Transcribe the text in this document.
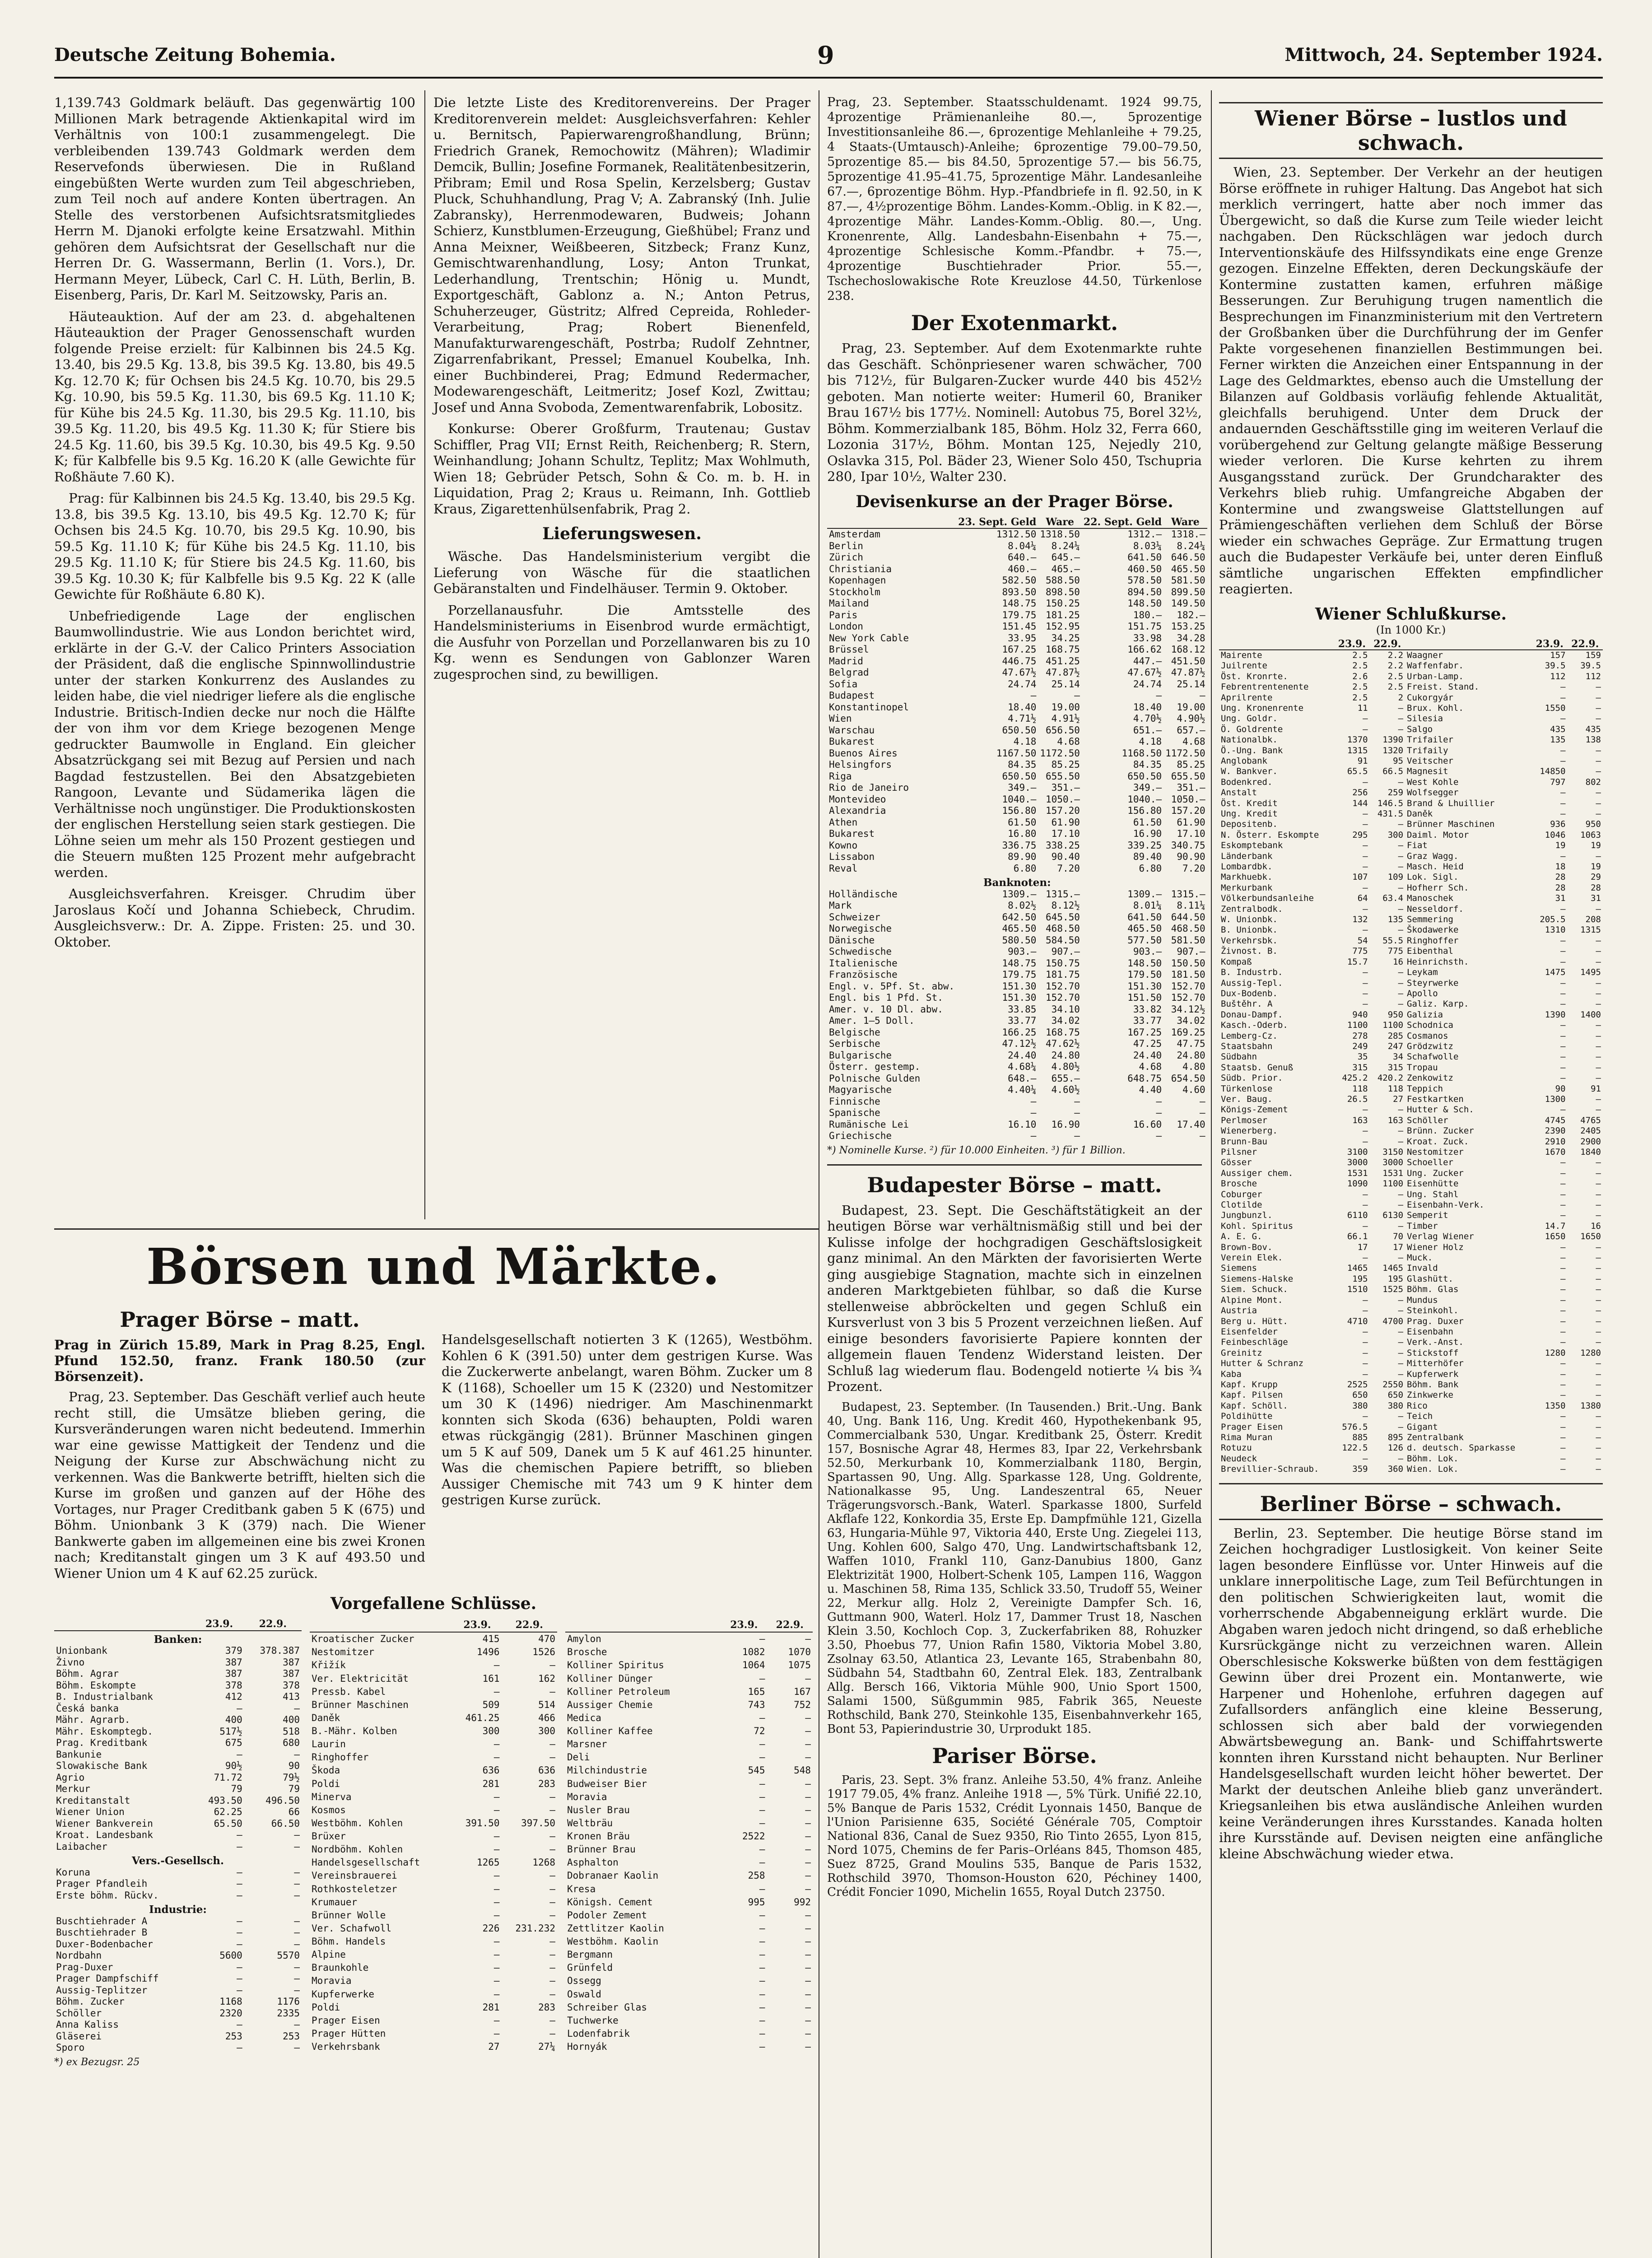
Deutsche Zeitung Bohemia.	9	Mittwoch, 24. September 1924.

1,139.743 Goldmark beläuft. Das gegenwärtig 100 Millionen Mark betragende Aktienkapital wird im Verhältnis von 100:1 zusammengelegt. Die verbleibenden 139.743 Goldmark werden dem Reservefonds überwiesen. Die in Rußland eingebüßten Werte wurden zum Teil abgeschrieben, zum Teil noch auf andere Konten übertragen. An Stelle des verstorbenen Aufsichtsratsmitgliedes Herrn M. Djanoki erfolgte keine Ersatzwahl. Mithin gehören dem Aufsichtsrat der Gesellschaft nur die Herren Dr. G. Wassermann, Berlin (1. Vors.), Dr. Hermann Meyer, Lübeck, Carl C. H. Lüth, Berlin, B. Eisenberg, Paris, Dr. Karl M. Seitzowsky, Paris an.

Häuteauktion. Auf der am 23. d. abgehaltenen Häuteauktion der Prager Genossenschaft wurden folgende Preise erzielt: für Kalbinnen bis 24.5 Kg. 13.40, bis 29.5 Kg. 13.8, bis 39.5 Kg. 13.80, bis 49.5 Kg. 12.70 K; für Ochsen bis 24.5 Kg. 10.70, bis 29.5 Kg. 10.90, bis 59.5 Kg. 11.30, bis 69.5 Kg. 11.10 K; für Kühe bis 24.5 Kg. 11.30, bis 29.5 Kg. 11.10, bis 39.5 Kg. 11.20, bis 49.5 Kg. 11.30 K; für Stiere bis 24.5 Kg. 11.60, bis 39.5 Kg. 10.30, bis 49.5 Kg. 9.50 K; für Kalbfelle bis 9.5 Kg. 16.20 K (alle Gewichte für Roßhäute 7.60 K).

Prag: für Kalbinnen bis 24.5 Kg. 13.40, bis 29.5 Kg. 13.8, bis 39.5 Kg. 13.10, bis 49.5 Kg. 12.70 K; für Ochsen bis 24.5 Kg. 10.70, bis 29.5 Kg. 10.90, bis 59.5 Kg. 11.10 K; für Kühe bis 24.5 Kg. 11.10, bis 29.5 Kg. 11.10 K; für Stiere bis 24.5 Kg. 11.60, bis 39.5 Kg. 10.30 K; für Kalbfelle bis 9.5 Kg. 22 K (alle Gewichte für Roßhäute 6.80 K).

Unbefriedigende Lage der englischen Baumwollindustrie. Wie aus London berichtet wird, erklärte in der G.-V. der Calico Printers Association der Präsident, daß die englische Spinnwollindustrie unter der starken Konkurrenz des Auslandes zu leiden habe, die viel niedriger liefere als die englische Industrie. Britisch-Indien decke nur noch die Hälfte der von ihm vor dem Kriege bezogenen Menge gedruckter Baumwolle in England. Ein gleicher Absatzrückgang sei mit Bezug auf Persien und nach Bagdad festzustellen. Bei den Absatzgebieten Rangoon, Levante und Südamerika lägen die Verhältnisse noch ungünstiger. Die Produktionskosten der englischen Herstellung seien stark gestiegen. Die Löhne seien um mehr als 150 Prozent gestiegen und die Steuern mußten 125 Prozent mehr aufgebracht werden.

Ausgleichsverfahren. Kreisger. Chrudim über Jaroslaus Kočí und Johanna Schiebeck, Chrudim. Ausgleichsverw.: Dr. A. Zippe. Fristen: 25. und 30. Oktober.

Die letzte Liste des Kreditorenvereins. Der Prager Kreditorenverein meldet: Ausgleichsverfahren: Kehler u. Bernitsch, Papierwarengroßhandlung, Brünn; Friedrich Granek, Remochowitz (Mähren); Wladimir Demcik, Bullin; Josefine Formanek, Realitätenbesitzerin, Přibram; Emil und Rosa Spelin, Kerzelsberg; Gustav Pluck, Schuhhandlung, Prag V; A. Zabranský (Inh. Julie Zabransky), Herrenmodewaren, Budweis; Johann Schierz, Kunstblumen-Erzeugung, Gießhübel; Franz und Anna Meixner, Weißbeeren, Sitzbeck; Franz Kunz, Gemischtwarenhandlung, Losy; Anton Trunkat, Lederhandlung, Trentschin; Hönig u. Mundt, Exportgeschäft, Gablonz a. N.; Anton Petrus, Schuherzeuger, Güstritz; Alfred Cepreida, Rohleder-Verarbeitung, Prag; Robert Bienenfeld, Manufakturwarengeschäft, Postrba; Rudolf Zehntner, Zigarrenfabrikant, Pressel; Emanuel Koubelka, Inh. einer Buchbinderei, Prag; Edmund Redermacher, Modewarengeschäft, Leitmeritz; Josef Kozl, Zwittau; Josef und Anna Svoboda, Zementwarenfabrik, Lobositz.

Konkurse: Oberer Großfurm, Trautenau; Gustav Schiffler, Prag VII; Ernst Reith, Reichenberg; R. Stern, Weinhandlung; Johann Schultz, Teplitz; Max Wohlmuth, Wien 18; Gebrüder Petsch, Sohn & Co. m. b. H. in Liquidation, Prag 2; Kraus u. Reimann, Inh. Gottlieb Kraus, Zigarettenhülsenfabrik, Prag 2.

Lieferungswesen.

Wäsche. Das Handelsministerium vergibt die Lieferung von Wäsche für die staatlichen Gebäranstalten und Findelhäuser. Termin 9. Oktober.

Porzellanausfuhr. Die Amtsstelle des Handelsministeriums in Eisenbrod wurde ermächtigt, die Ausfuhr von Porzellan und Porzellanwaren bis zu 10 Kg. wenn es Sendungen von Gablonzer Waren zugesprochen sind, zu bewilligen.

Börsen und Märkte.
Prager Börse – matt.

Prag in Zürich 15.89, Mark in Prag 8.25, Engl. Pfund 152.50, franz. Frank 180.50 (zur Börsenzeit).

Prag, 23. September. Das Geschäft verlief auch heute recht still, die Umsätze blieben gering, die Kursveränderungen waren nicht bedeutend. Immerhin war eine gewisse Mattigkeit der Tendenz und die Neigung der Kurse zur Abschwächung nicht zu verkennen. Was die Bankwerte betrifft, hielten sich die Kurse im großen und ganzen auf der Höhe des Vortages, nur Prager Creditbank gaben 5 K (675) und Böhm. Unionbank 3 K (379) nach. Die Wiener Bankwerte gaben im allgemeinen eine bis zwei Kronen nach; Kreditanstalt gingen um 3 K auf 493.50 und Wiener Union um 4 K auf 62.25 zurück.

Handelsgesellschaft notierten 3 K (1265), Westböhm. Kohlen 6 K (391.50) unter dem gestrigen Kurse. Was die Zuckerwerte anbelangt, waren Böhm. Zucker um 8 K (1168), Schoeller um 15 K (2320) und Nestomitzer um 30 K (1496) niedriger. Am Maschinenmarkt konnten sich Skoda (636) behaupten, Poldi waren etwas rückgängig (281). Brünner Maschinen gingen um 5 K auf 509, Danek um 5 K auf 461.25 hinunter. Was die chemischen Papiere betrifft, so blieben Aussiger Chemische mit 743 um 9 K hinter dem gestrigen Kurse zurück.

Vorgefallene Schlüsse.
	23.9.	22.9.
Banken:		
Unionbank	379	378.387
Živno	387	387
Böhm. Agrar	387	387
Böhm. Eskompte	378	378
B. Industrialbank	412	413
Česká banka	—	—
Mähr. Agrarb.	400	400
Mähr. Eskomptegb.	517½	518
Prag. Kreditbank	675	680
Bankunie	—	—
Slowakische Bank	90½	90
Agrio	71.72	79½
Merkur	79	79
Kreditanstalt	493.50	496.50
Wiener Union	62.25	66
Wiener Bankverein	65.50	66.50
Kroat. Landesbank	—	—
Laibacher	—	—
Vers.-Gesellsch.		
Koruna	—	—
Prager Pfandleih	—	—
Erste böhm. Rückv.	—	—
Industrie:		
Buschtiehrader A	—	—
Buschtiehrader B	—	—
Duxer-Bodenbacher	—	—
Nordbahn	5600	5570
Prag-Duxer	—	—
Prager Dampfschiff	—	—
Aussig-Teplitzer	—	—
Böhm. Zucker	1168	1176
Schöller	2320	2335
Anna Kaliss	—	—
Gläserei	253	253
Sporo	—	—
	23.9.	22.9.
Kroatischer Zucker	415	470
Nestomitzer	1496	1526
Křižík	—	—
Ver. Elektricität	161	162
Pressb. Kabel	—	—
Brünner Maschinen	509	514
Daněk	461.25	466
B.-Mähr. Kolben	300	300
Laurin	—	—
Ringhoffer	—	—
Škoda	636	636
Poldi	281	283
Minerva	—	—
Kosmos	—	—
Westböhm. Kohlen	391.50	397.50
Brüxer	—	—
Nordböhm. Kohlen	—	—
Handelsgesellschaft	1265	1268
Vereinsbrauerei	—	—
Rothkosteletzer	—	—
Krumauer	—	—
Brünner Wolle	—	—
Ver. Schafwoll	226	231.232
Böhm. Handels	—	—
Alpine	—	—
Braunkohle	—	—
Moravia	—	—
Kupferwerke	—	—
Poldi	281	283
Prager Eisen	—	—
Prager Hütten	—	—
Verkehrsbank	27	27¼
	23.9.	22.9.
Amylon	—	—
Brosche	1082	1070
Kolliner Spiritus	1064	1075
Kolliner Dünger	—	—
Kolliner Petroleum	165	167
Aussiger Chemie	743	752
Medica	—	—
Kolliner Kaffee	72	—
Marsner	—	—
Deli	—	—
Milchindustrie	545	548
Budweiser Bier	—	—
Moravia	—	—
Nusler Brau	—	—
Weltbräu	—	—
Kronen Bräu	2522	—
Brünner Brau	—	—
Asphalton	—	—
Dobranaer Kaolin	258	—
Kresa	—	—
Königsh. Cement	995	992
Podoler Zement	—	—
Zettlitzer Kaolin	—	—
Westböhm. Kaolin	—	—
Bergmann	—	—
Grünfeld	—	—
Ossegg	—	—
Oswald	—	—
Schreiber Glas	—	—
Tuchwerke	—	—
Lodenfabrik	—	—
Hornyák	—	—
*) ex Bezugsr. 25

Prag, 23. September. Staatsschuldenamt. 1924 99.75, 4prozentige Prämienanleihe 80.—, 5prozentige Investitionsanleihe 86.—, 6prozentige Mehlanleihe + 79.25, 4 Staats-(Umtausch)-Anleihe; 6prozentige 79.00–79.50, 5prozentige 85.— bis 84.50, 5prozentige 57.— bis 56.75, 5prozentige 41.95–41.75, 5prozentige Mähr. Landesanleihe 67.—, 6prozentige Böhm. Hyp.-Pfandbriefe in fl. 92.50, in K 87.—, 4½prozentige Böhm. Landes-Komm.-Oblig. in K 82.—, 4prozentige Mähr. Landes-Komm.-Oblig. 80.—, Ung. Kronenrente, Allg. Landesbahn-Eisenbahn + 75.—, 4prozentige Schlesische Komm.-Pfandbr. + 75.—, 4prozentige Buschtiehrader Prior. 55.—, Tschechoslowakische Rote Kreuzlose 44.50, Türkenlose 238.

Der Exotenmarkt.

Prag, 23. September. Auf dem Exotenmarkte ruhte das Geschäft. Schönpriesener waren schwächer, 700 bis 712½, für Bulgaren-Zucker wurde 440 bis 452½ geboten. Man notierte weiter: Humeril 60, Braniker Brau 167½ bis 177½. Nominell: Autobus 75, Borel 32½, Böhm. Kommerzialbank 185, Böhm. Holz 32, Ferra 660, Lozonia 317½, Böhm. Montan 125, Nejedly 210, Oslavka 315, Pol. Bäder 23, Wiener Solo 450, Tschupria 280, Ipar 10½, Walter 230.

Devisenkurse an der Prager Börse.
	23. Sept. Geld	Ware	22. Sept. Geld	Ware
Amsterdam	1312.50	1318.50	1312.—	1318.—
Berlin	8.04¼	8.24¼	8.03¼	8.24¼
Zürich	640.—	645.—	641.50	646.50
Christiania	460.—	465.—	460.50	465.50
Kopenhagen	582.50	588.50	578.50	581.50
Stockholm	893.50	898.50	894.50	899.50
Mailand	148.75	150.25	148.50	149.50
Paris	179.75	181.25	180.—	182.—
London	151.45	152.95	151.75	153.25
New York Cable	33.95	34.25	33.98	34.28
Brüssel	167.25	168.75	166.62	168.12
Madrid	446.75	451.25	447.—	451.50
Belgrad	47.67½	47.87½	47.67½	47.87½
Sofia	24.74	25.14	24.74	25.14
Budapest	—	—	—	—
Konstantinopel	18.40	19.00	18.40	19.00
Wien	4.71½	4.91½	4.70½	4.90½
Warschau	650.50	656.50	651.—	657.—
Bukarest	4.18	4.68	4.18	4.68
Buenos Aires	1167.50	1172.50	1168.50	1172.50
Helsingfors	84.35	85.25	84.35	85.25
Riga	650.50	655.50	650.50	655.50
Rio de Janeiro	349.—	351.—	349.—	351.—
Montevideo	1040.—	1050.—	1040.—	1050.—
Alexandria	156.80	157.20	156.80	157.20
Athen	61.50	61.90	61.50	61.90
Bukarest	16.80	17.10	16.90	17.10
Kowno	336.75	338.25	339.25	340.75
Lissabon	89.90	90.40	89.40	90.90
Reval	6.80	7.20	6.80	7.20
Banknoten:				
Holländische	1309.—	1315.—	1309.—	1315.—
Mark	8.02½	8.12½	8.01¼	8.11¼
Schweizer	642.50	645.50	641.50	644.50
Norwegische	465.50	468.50	465.50	468.50
Dänische	580.50	584.50	577.50	581.50
Schwedische	903.—	907.—	903.—	907.—
Italienische	148.75	150.75	148.50	150.50
Französische	179.75	181.75	179.50	181.50
Engl. v. 5Pf. St. abw.	151.30	152.70	151.30	152.70
Engl. bis 1 Pfd. St.	151.30	152.70	151.50	152.70
Amer. v. 10 Dl. abw.	33.85	34.10	33.82	34.12½
Amer. 1–5 Doll.	33.77	34.02	33.77	34.02
Belgische	166.25	168.75	167.25	169.25
Serbische	47.12½	47.62½	47.25	47.75
Bulgarische	24.40	24.80	24.40	24.80
Österr. gestemp.	4.68¼	4.80½	4.68	4.80
Polnische Gulden	648.—	655.—	648.75	654.50
Magyarische	4.40¼	4.60½	4.40	4.60
Finnische	—	—	—	—
Spanische	—	—	—	—
Rumänische Lei	16.10	16.90	16.60	17.40
Griechische	—	—	—	—
*) Nominelle Kurse. ²) für 10.000 Einheiten. ³) für 1 Billion.
Budapester Börse – matt.

Budapest, 23. Sept. Die Geschäftstätigkeit an der heutigen Börse war verhältnismäßig still und bei der Kulisse infolge der hochgradigen Geschäftslosigkeit ganz minimal. An den Märkten der favorisierten Werte ging ausgiebige Stagnation, machte sich in einzelnen anderen Marktgebieten fühlbar, so daß die Kurse stellenweise abbröckelten und gegen Schluß ein Kursverlust von 3 bis 5 Prozent verzeichnen ließen. Auf einige besonders favorisierte Papiere konnten der allgemein flauen Tendenz Widerstand leisten. Der Schluß lag wiederum flau. Bodengeld notierte ¼ bis ¾ Prozent.

Budapest, 23. September. (In Tausenden.) Brit.-Ung. Bank 40, Ung. Bank 116, Ung. Kredit 460, Hypothekenbank 95, Commercialbank 530, Ungar. Kreditbank 25, Österr. Kredit 157, Bosnische Agrar 48, Hermes 83, Ipar 22, Verkehrsbank 52.50, Merkurbank 10, Kommerzialbank 1180, Bergin, Spartassen 90, Ung. Allg. Sparkasse 128, Ung. Goldrente, Nationalkasse 95, Ung. Landeszentral 65, Neuer Trägerungsvorsch.-Bank, Waterl. Sparkasse 1800, Surfeld Akflafe 122, Konkordia 35, Erste Ep. Dampfmühle 121, Gizella 63, Hungaria-Mühle 97, Viktoria 440, Erste Ung. Ziegelei 113, Ung. Kohlen 600, Salgo 470, Ung. Landwirtschaftsbank 12, Waffen 1010, Frankl 110, Ganz-Danubius 1800, Ganz Elektrizität 1900, Holbert-Schenk 105, Lampen 116, Waggon u. Maschinen 58, Rima 135, Schlick 33.50, Trudoff 55, Weiner 22, Merkur allg. Holz 2, Vereinigte Dampfer Sch. 16, Guttmann 900, Waterl. Holz 17, Dammer Trust 18, Naschen Klein 3.50, Kochloch Cop. 3, Zuckerfabriken 88, Rohuzker 3.50, Phoebus 77, Union Rafin 1580, Viktoria Mobel 3.80, Zsolnay 63.50, Atlantica 23, Levante 165, Strabenbahn 80, Südbahn 54, Stadtbahn 60, Zentral Elek. 183, Zentralbank Allg. Bersch 166, Viktoria Mühle 900, Unio Sport 1500, Salami 1500, Süßgummin 985, Fabrik 365, Neueste Rothschild, Bank 270, Steinkohle 135, Eisenbahnverkehr 165, Bont 53, Papierindustrie 30, Urprodukt 185.

Pariser Börse.

Paris, 23. Sept. 3% franz. Anleihe 53.50, 4% franz. Anleihe 1917 79.05, 4% franz. Anleihe 1918 —, 5% Türk. Unifié 22.10, 5% Banque de Paris 1532, Crédit Lyonnais 1450, Banque de l'Union Parisienne 635, Société Générale 705, Comptoir National 836, Canal de Suez 9350, Rio Tinto 2655, Lyon 815, Nord 1075, Chemins de fer Paris–Orléans 845, Thomson 485, Suez 8725, Grand Moulins 535, Banque de Paris 1532, Rothschild 3970, Thomson-Houston 620, Péchiney 1400, Crédit Foncier 1090, Michelin 1655, Royal Dutch 23750.

Wiener Börse – lustlos und schwach.

Wien, 23. September. Der Verkehr an der heutigen Börse eröffnete in ruhiger Haltung. Das Angebot hat sich merklich verringert, hatte aber noch immer das Übergewicht, so daß die Kurse zum Teile wieder leicht nachgaben. Den Rückschlägen war jedoch durch Interventionskäufe des Hilfssyndikats eine enge Grenze gezogen. Einzelne Effekten, deren Deckungskäufe der Kontermine zustatten kamen, erfuhren mäßige Besserungen. Zur Beruhigung trugen namentlich die Besprechungen im Finanzministerium mit den Vertretern der Großbanken über die Durchführung der im Genfer Pakte vorgesehenen finanziellen Bestimmungen bei. Ferner wirkten die Anzeichen einer Entspannung in der Lage des Geldmarktes, ebenso auch die Umstellung der Bilanzen auf Goldbasis vorläufig fehlende Aktualität, gleichfalls beruhigend. Unter dem Druck der andauernden Geschäftsstille ging im weiteren Verlauf die vorübergehend zur Geltung gelangte mäßige Besserung wieder verloren. Die Kurse kehrten zu ihrem Ausgangsstand zurück. Der Grundcharakter des Verkehrs blieb ruhig. Umfangreiche Abgaben der Kontermine und zwangsweise Glattstellungen auf Prämiengeschäften verliehen dem Schluß der Börse wieder ein schwaches Gepräge. Zur Ermattung trugen auch die Budapester Verkäufe bei, unter deren Einfluß sämtliche ungarischen Effekten empfindlicher reagierten.

Wiener Schlußkurse.
(In 1000 Kr.)
	23.9.	22.9.		23.9.	22.9.
Mairente	2.5	2.2	Waagner	157	159
Juilrente	2.5	2.2	Waffenfabr.	39.5	39.5
Öst. Kronrte.	2.6	2.5	Urban-Lamp.	112	112
Febrentrentenente	2.5	2.5	Freist. Stand.	—	—
Aprilrente	2.5	2	Cukorgyár	—	—
Ung. Kronenrente	11	—	Brux. Kohl.	1550	—
Ung. Goldr.	—	—	Silesia	—	—
Ö. Goldrente	—	—	Salgo	435	435
Nationalbk.	1370	1390	Trifailer	135	138
Ö.-Ung. Bank	1315	1320	Trifaily	—	—
Anglobank	91	95	Veitscher	—	—
W. Bankver.	65.5	66.5	Magnesit	14850	—
Bodenkred.	—	—	West Kohle	797	802
Anstalt	256	259	Wolfsegger	—	—
Öst. Kredit	144	146.5	Brand & Lhuillier	—	—
Ung. Kredit	—	431.5	Daněk	—	—
Depositenb.	—	—	Brünner Maschinen	936	950
N. Österr. Eskompte	295	300	Daiml. Motor	1046	1063
Eskomptebank	—	—	Fiat	19	19
Länderbank	—	—	Graz Wagg.	—	—
Lombardbk.	—	—	Masch. Heid	18	19
Markhuebk.	107	109	Lok. Sigl.	28	29
Merkurbank	—	—	Hofherr Sch.	28	28
Völkerbundsanleihe	64	63.4	Manoschek	31	31
Zentralbodk.	—	—	Nesseldorf.	—	—
W. Unionbk.	132	135	Semmering	205.5	208
B. Unionbk.	—	—	Škodawerke	1310	1315
Verkehrsbk.	54	55.5	Ringhoffer	—	—
Živnost. B.	775	775	Eibenthal	—	—
Kompaß	15.7	16	Heinrichsth.	—	—
B. Industrb.	—	—	Leykam	1475	1495
Aussig-Tepl.	—	—	Steyrwerke	—	—
Dux-Bodenb.	—	—	Apollo	—	—
Buštěhr. A	—	—	Galiz. Karp.	—	—
Donau-Dampf.	940	950	Galizia	1390	1400
Kasch.-Oderb.	1100	1100	Schodnica	—	—
Lemberg-Cz.	278	285	Cosmanos	—	—
Staatsbahn	249	247	Grödzwitz	—	—
Südbahn	35	34	Schafwolle	—	—
Staatsb. Genuß	315	315	Tropau	—	—
Südb. Prior.	425.2	420.2	Zenkowitz	—	—
Türkenlose	118	118	Teppich	90	91
Ver. Baug.	26.5	27	Festkartken	1300	—
Königs-Zement	—	—	Hutter & Sch.	—	—
Perlmoser	163	163	Schöller	4745	4765
Wienerberg.	—	—	Brünn. Zucker	2390	2405
Brunn-Bau	—	—	Kroat. Zuck.	2910	2900
Pilsner	3100	3150	Nestomitzer	1670	1840
Gösser	3000	3000	Schoeller	—	—
Aussiger chem.	1531	1531	Ung. Zucker	—	—
Brosche	1090	1100	Eisenhütte	—	—
Coburger	—	—	Ung. Stahl	—	—
Clotilde	—	—	Eisenbahn-Verk.	—	—
Jungbunzl.	6110	6130	Semperit	—	—
Kohl. Spiritus	—	—	Timber	14.7	16
A. E. G.	66.1	70	Verlag Wiener	1650	1650
Brown-Bov.	17	17	Wiener Holz	—	—
Verein Elek.	—	—	Muck.	—	—
Siemens	1465	1465	Invald	—	—
Siemens-Halske	195	195	Glashütt.	—	—
Siem. Schuck.	1510	1525	Böhm. Glas	—	—
Alpine Mont.	—	—	Mundus	—	—
Austria	—	—	Steinkohl.	—	—
Berg u. Hütt.	4710	4700	Prag. Duxer	—	—
Eisenfelder	—	—	Eisenbahn	—	—
Feinbeschläge	—	—	Verk.-Anst.	—	—
Greinitz	—	—	Stickstoff	1280	1280
Hutter & Schranz	—	—	Mitterhöfer	—	—
Kaba	—	—	Kupferwerk	—	—
Kapf. Krupp	2525	2550	Böhm. Bank	—	—
Kapf. Pilsen	650	650	Zinkwerke	—	—
Kapf. Schöll.	380	380	Rico	1350	1380
Poldihütte	—	—	Teich	—	—
Prager Eisen	576.5	—	Gigant	—	—
Rima Muran	885	895	Zentralbank	—	—
Rotuzu	122.5	126	d. deutsch. Sparkasse	—	—
Neudeck	—	—	Böhm. Lok.	—	—
Brevillier-Schraub.	359	360	Wien. Lok.	—	—
Berliner Börse – schwach.

Berlin, 23. September. Die heutige Börse stand im Zeichen hochgradiger Lustlosigkeit. Von keiner Seite lagen besondere Einflüsse vor. Unter Hinweis auf die unklare innerpolitische Lage, zum Teil Befürchtungen in den politischen Schwierigkeiten laut, womit die vorherrschende Abgabenneigung erklärt wurde. Die Abgaben waren jedoch nicht dringend, so daß erhebliche Kursrückgänge nicht zu verzeichnen waren. Allein Oberschlesische Kokswerke büßten von dem festtägigen Gewinn über drei Prozent ein. Montanwerte, wie Harpener und Hohenlohe, erfuhren dagegen auf Zufallsorders anfänglich eine kleine Besserung, schlossen sich aber bald der vorwiegenden Abwärtsbewegung an. Bank- und Schiffahrtswerte konnten ihren Kursstand nicht behaupten. Nur Berliner Handelsgesellschaft wurden leicht höher bewertet. Der Markt der deutschen Anleihe blieb ganz unverändert. Kriegsanleihen bis etwa ausländische Anleihen wurden keine Veränderungen ihres Kursstandes. Kanada holten ihre Kursstände auf. Devisen neigten eine anfängliche kleine Abschwächung wieder etwa.
